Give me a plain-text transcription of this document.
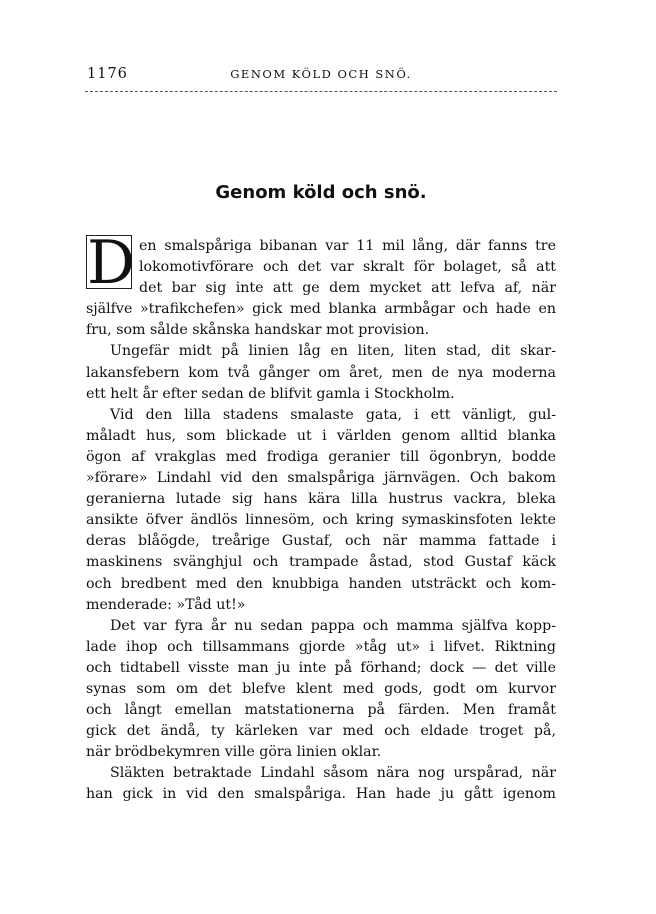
1176	GENOM KÖLD OCH SNÖ.
Genom köld och snö.
D en smalspåriga bibanan var 11 mil lång, där fanns tre
lokomotivförare och det var skralt för bolaget, så att
det bar sig inte att ge dem mycket att lefva af, när
själfve »trafikchefen» gick med blanka armbågar och hade en
fru, som sålde skånska handskar mot provision.
Ungefär midt på linien låg en liten, liten stad, dit skar-
lakansfebern kom två gånger om året, men de nya moderna
ett helt år efter sedan de blifvit gamla i Stockholm.
Vid den lilla stadens smalaste gata, i ett vänligt, gul-
måladt hus, som blickade ut i världen genom alltid blanka
ögon af vrakglas med frodiga geranier till ögonbryn, bodde
»förare» Lindahl vid den smalspåriga järnvägen. Och bakom
geranierna lutade sig hans kära lilla hustrus vackra, bleka
ansikte öfver ändlös linnesöm, och kring symaskinsfoten lekte
deras blåögde, treårige Gustaf, och när mamma fattade i
maskinens svänghjul och trampade åstad, stod Gustaf käck
och bredbent med den knubbiga handen utsträckt och kom-
menderade: »Tåd ut!»
Det var fyra år nu sedan pappa och mamma själfva kopp-
lade ihop och tillsammans gjorde »tåg ut» i lifvet. Riktning
och tidtabell visste man ju inte på förhand; dock — det ville
synas som om det blefve klent med gods, godt om kurvor
och långt emellan matstationerna på färden. Men framåt
gick det ändå, ty kärleken var med och eldade troget på,
när brödbekymren ville göra linien oklar.
Släkten betraktade Lindahl såsom nära nog urspårad, när
han gick in vid den smalspåriga. Han hade ju gått igenom
